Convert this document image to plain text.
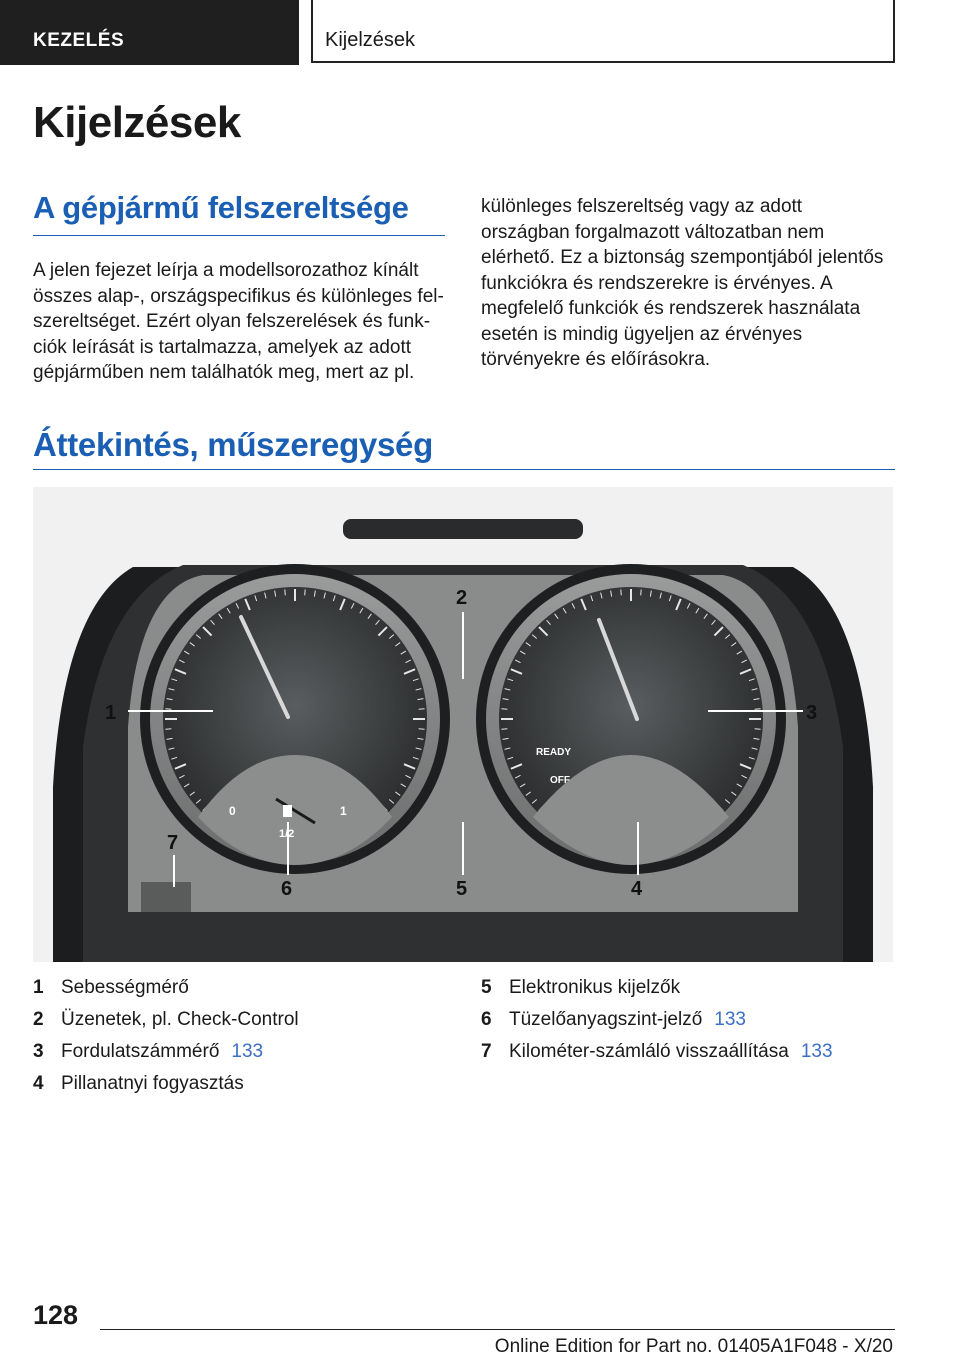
KEZELÉS	Kijelzések
Kijelzések
A gépjármű felszereltsége

A jelen fejezet leírja a modellsorozathoz kínált összes alap-, országspecifikus és különleges felszereltséget. Ezért olyan felszerelések és funkciók leírását is tartalmazza, amelyek az adott gépjárműben nem találhatók meg, mert az pl.

különleges felszereltség vagy az adott országban forgalmazott változatban nem elérhető. Ez a biztonság szempontjából jelentős funkciókra és rendszerekre is érvényes. A megfelelő funkciók és rendszerek használata esetén is mindig ügyeljen az érvényes törvényekre és előírásokra.

Áttekintés, műszeregység
0	1
1/2
READY
OFF
1
2
3
4
5
6
7
1 Sebességmérő
2 Üzenetek, pl. Check-Control
3 Fordulatszámmérő 133
4 Pillanatnyi fogyasztás
5 Elektronikus kijelzők
6 Tüzelőanyagszint-jelző 133
7 Kilométer-számláló visszaállítása 133
128
Online Edition for Part no. 01405A1F048 - X/20
